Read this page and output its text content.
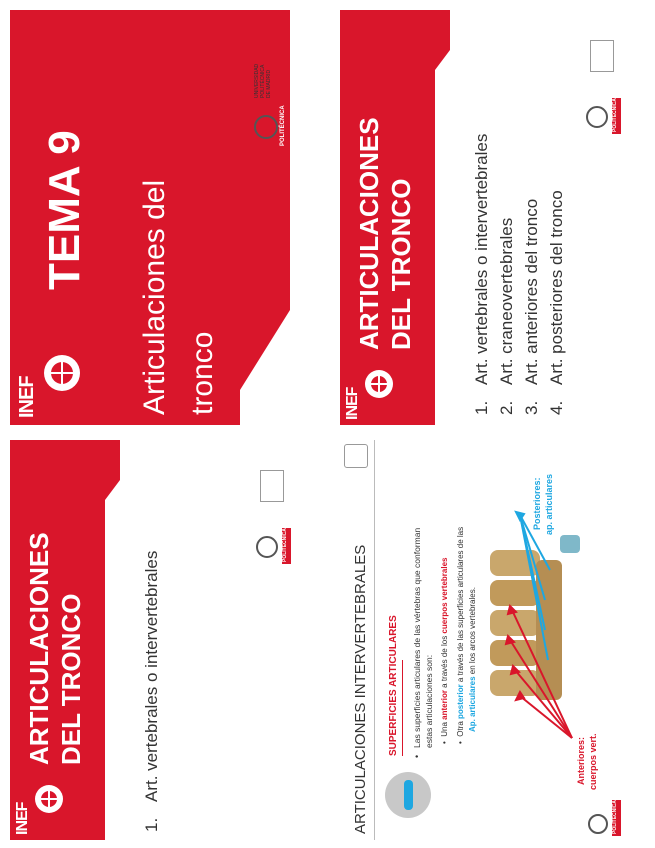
INEF
TEMA 9 Articulaciones del tronco
POLITÉCNICA
UNIVERSIDAD POLITÉCNICA DE MADRID
INEF
ARTICULACIONES DEL TRONCO
1.
Art. vertebrales o intervertebrales
2.
Art. craneovertebrales
3.
Art. anteriores del tronco
4.
Art. posteriores del tronco
POLITÉCNICA
INEF
ARTICULACIONES DEL TRONCO
1.
Art. vertebrales o intervertebrales
POLITÉCNICA	ARTICULACIONES INTERVERTEBRALES SUPERFICIES ARTICULARES
•
Las superficies articulares de las vértebras que conforman estas articulaciones son: •  Una anterior a través de los cuerpos vertebrales
•  Otra posterior a través de las superficies articulares de las
Ap. articulares en los arcos vertebrales.
Anteriores: cuerpos vert.
Posteriores: ap. articulares
POLITÉCNICA
